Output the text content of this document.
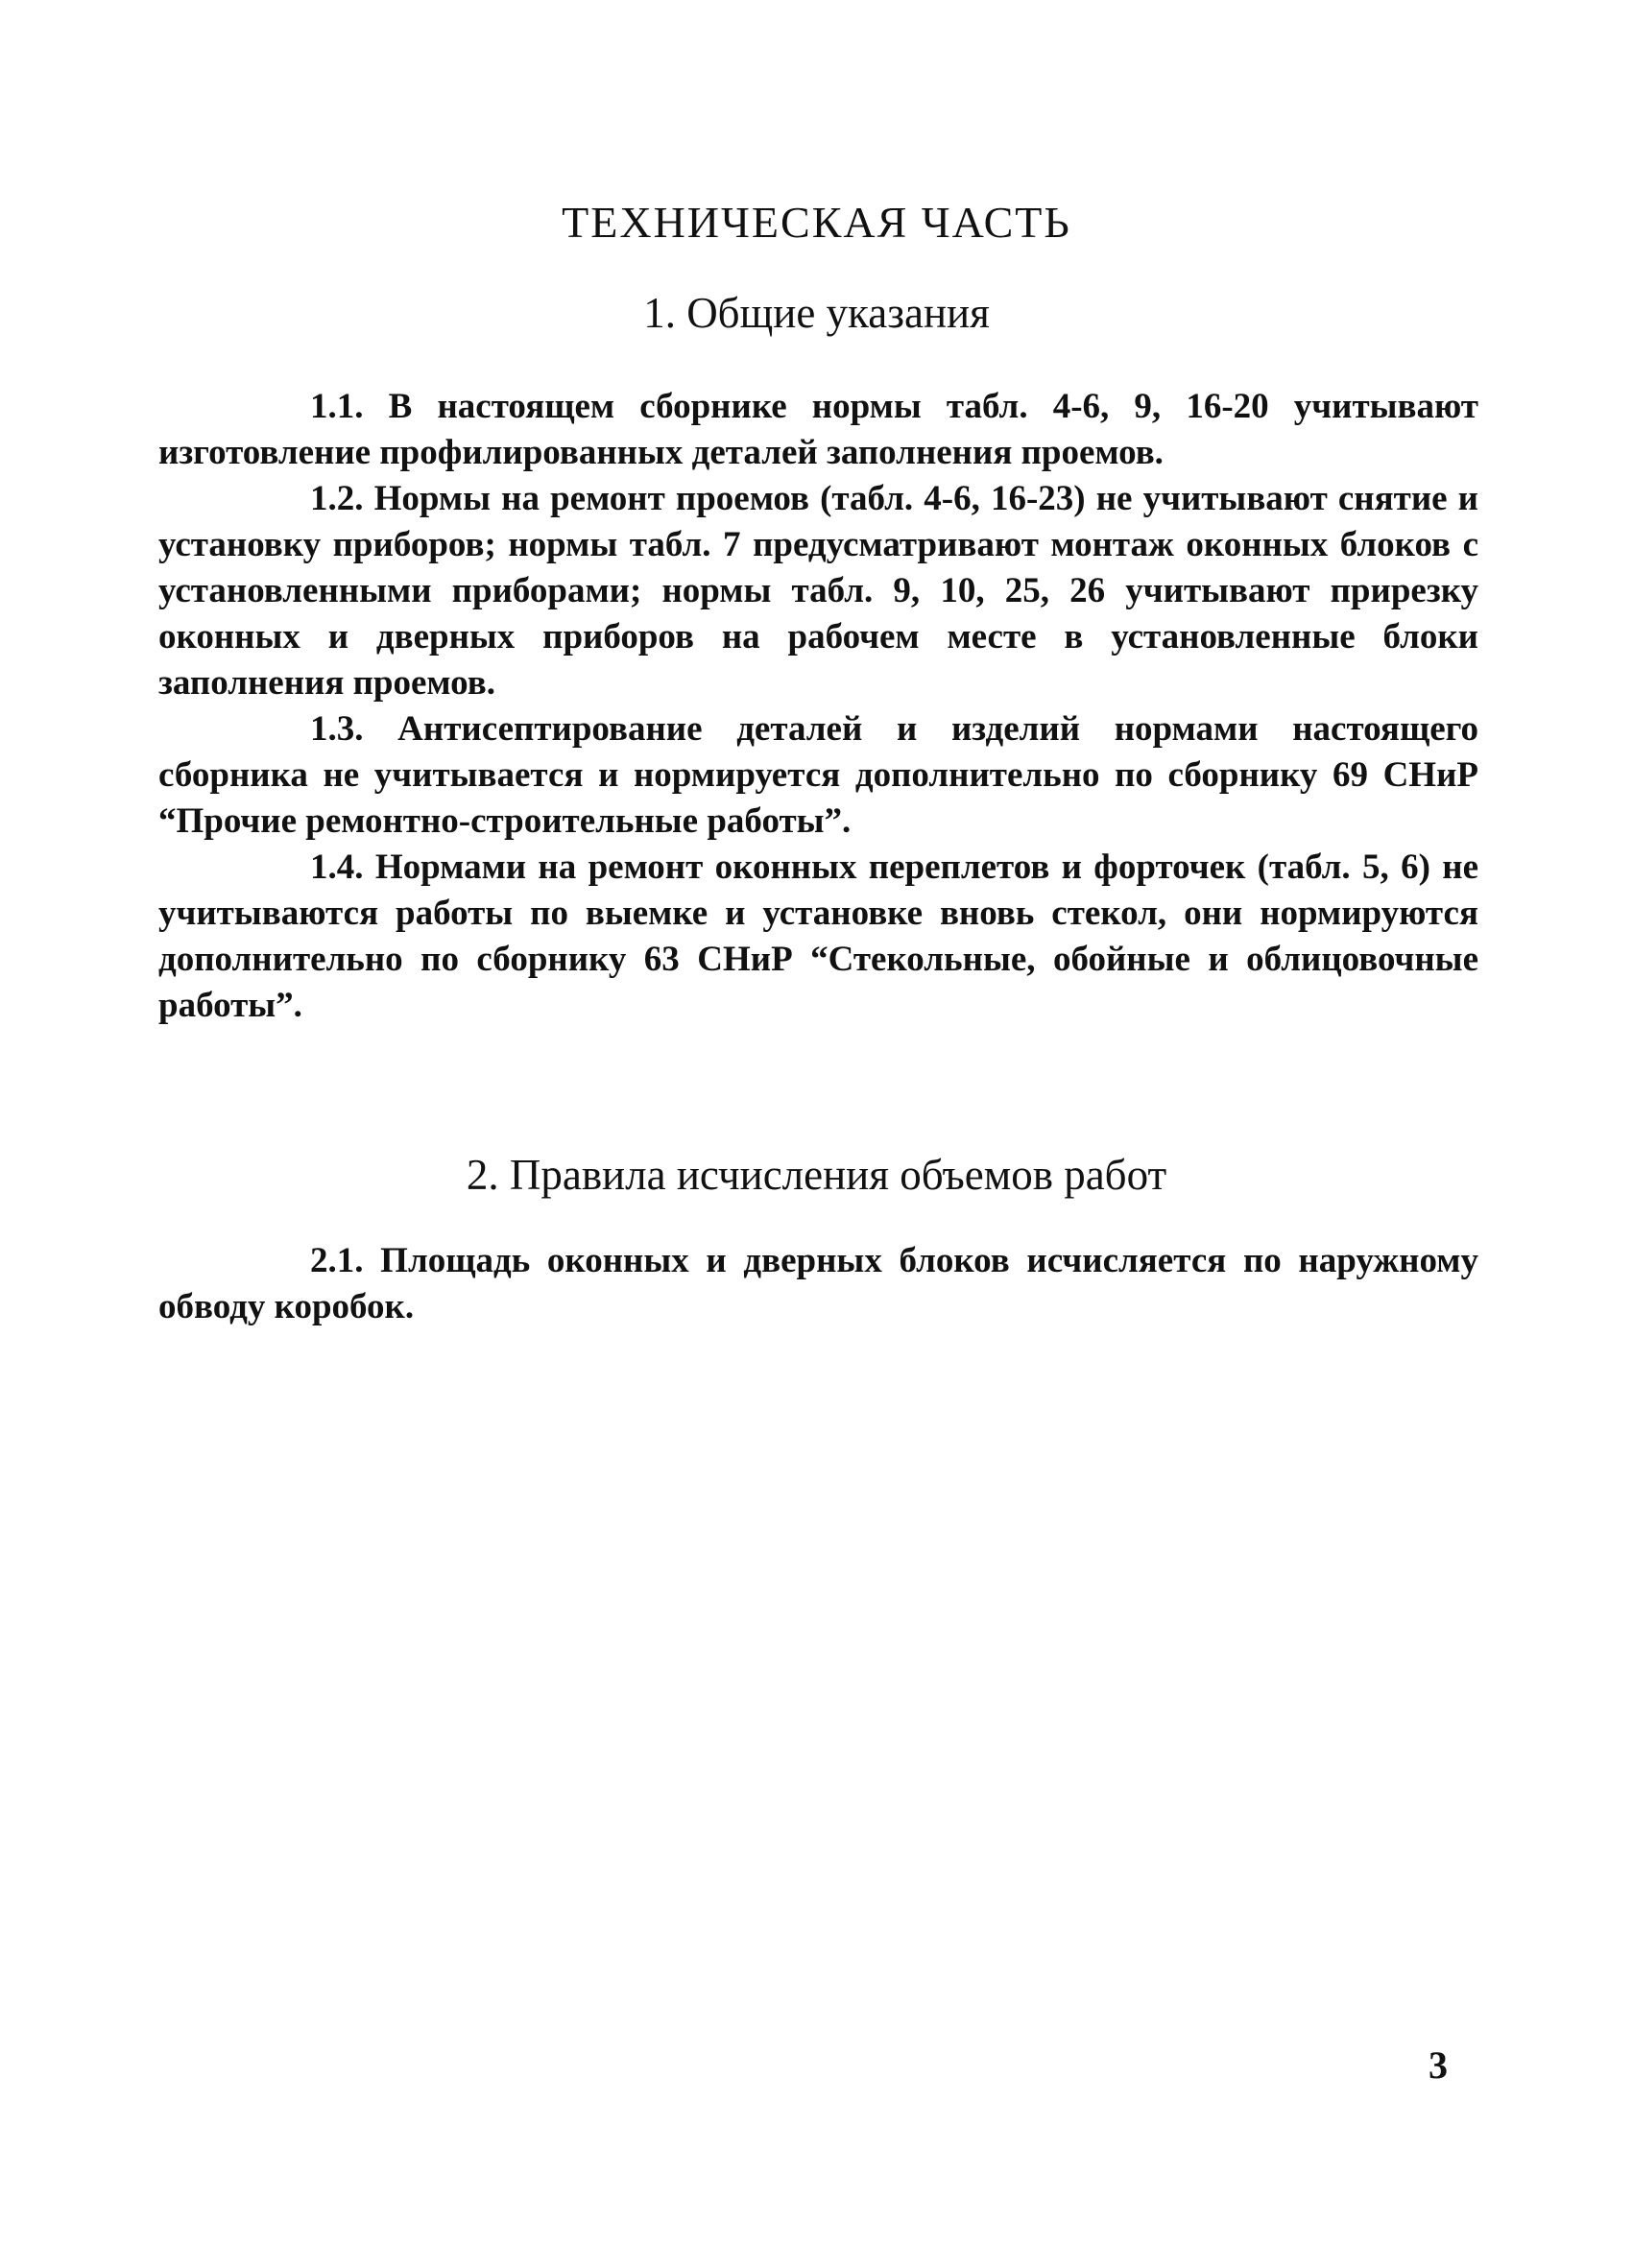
ТЕХНИЧЕСКАЯ ЧАСТЬ
1. Общие указания

1.1. В настоящем сборнике нормы табл. 4-6, 9, 16-20 учитывают изготовление профилированных деталей заполнения проемов.

1.2. Нормы на ремонт проемов (табл. 4-6, 16-23) не учитывают снятие и установку приборов; нормы табл. 7 предусматривают монтаж оконных блоков с установленными приборами; нормы табл. 9, 10, 25, 26 учитывают прирезку оконных и дверных приборов на рабочем месте в установленные блоки заполнения проемов.

1.3. Антисептирование деталей и изделий нормами настоящего сборника не учитывается и нормируется дополнительно по сборнику 69 СНиР “Прочие ремонтно-строительные работы”.

1.4. Нормами на ремонт оконных переплетов и форточек (табл. 5, 6) не учитываются работы по выемке и установке вновь стекол, они нормируются дополнительно по сборнику 63 СНиР “Стекольные, обойные и облицовочные работы”.

2. Правила исчисления объемов работ

2.1. Площадь оконных и дверных блоков исчисляется по наружному обводу коробок.

3
